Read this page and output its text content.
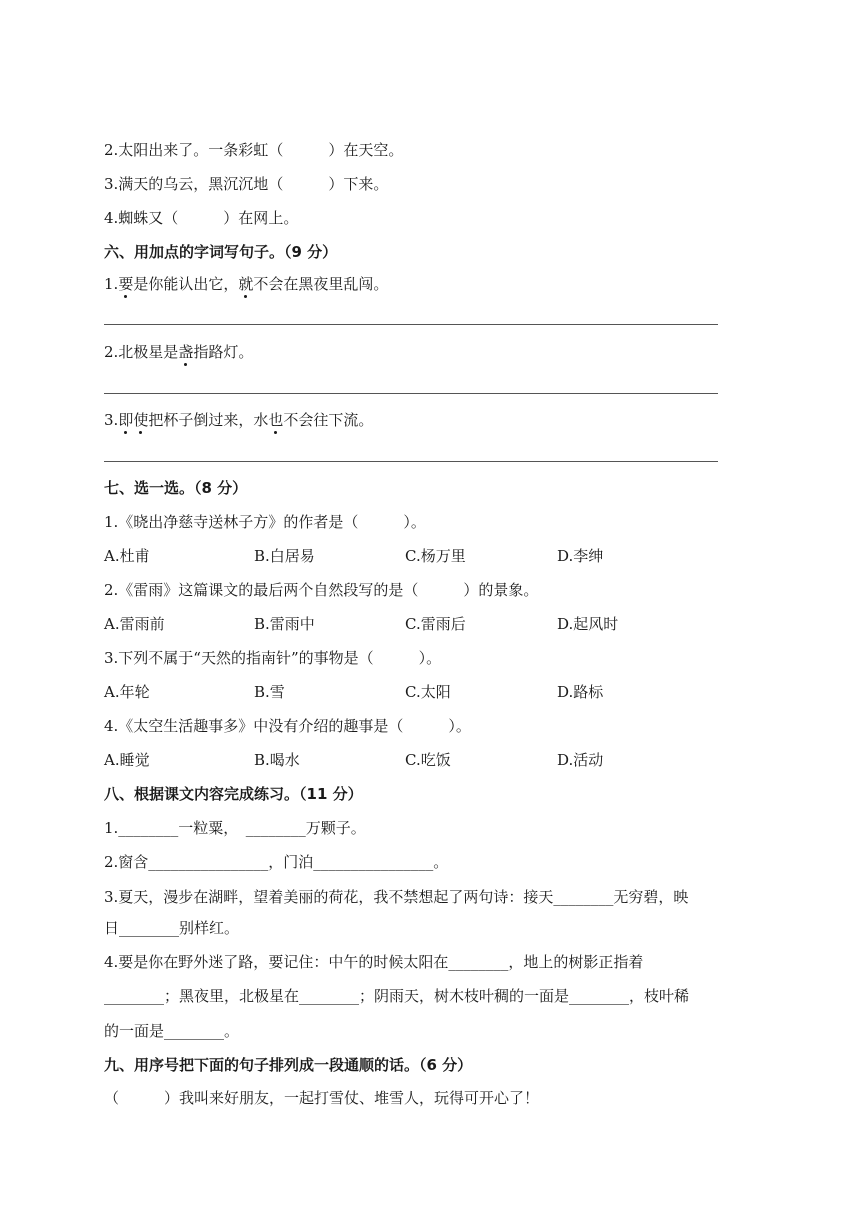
2.太阳出来了。一条彩虹（　　　）在天空。
3.满天的乌云，黑沉沉地（　　　）下来。
4.蜘蛛又（　　　）在网上。
六、用加点的字词写句子。（9 分）
1.要是你能认出它，就不会在黑夜里乱闯。
2.北极星是盏指路灯。
3.即使把杯子倒过来，水也不会往下流。
七、选一选。（8 分）
1.《晓出净慈寺送林子方》的作者是（　　　）。
A.杜甫	B.白居易	C.杨万里	D.李绅
2.《雷雨》这篇课文的最后两个自然段写的是（　　　）的景象。
A.雷雨前	B.雷雨中	C.雷雨后	D.起风时
3.下列不属于“天然的指南针”的事物是（　　　）。
A.年轮	B.雪	C.太阳	D.路标
4.《太空生活趣事多》中没有介绍的趣事是（　　　）。
A.睡觉	B.喝水	C.吃饭	D.活动
八、根据课文内容完成练习。（11 分）
1.________一粒粟，　________万颗子。
2.窗含________________，门泊________________。
3.夏天，漫步在湖畔，望着美丽的荷花，我不禁想起了两句诗：接天________无穷碧，映
日________别样红。
4.要是你在野外迷了路，要记住：中午的时候太阳在________，地上的树影正指着
________；黑夜里，北极星在________；阴雨天，树木枝叶稠的一面是________，枝叶稀
的一面是________。
九、用序号把下面的句子排列成一段通顺的话。（6 分）
（　　　）我叫来好朋友，一起打雪仗、堆雪人，玩得可开心了！
